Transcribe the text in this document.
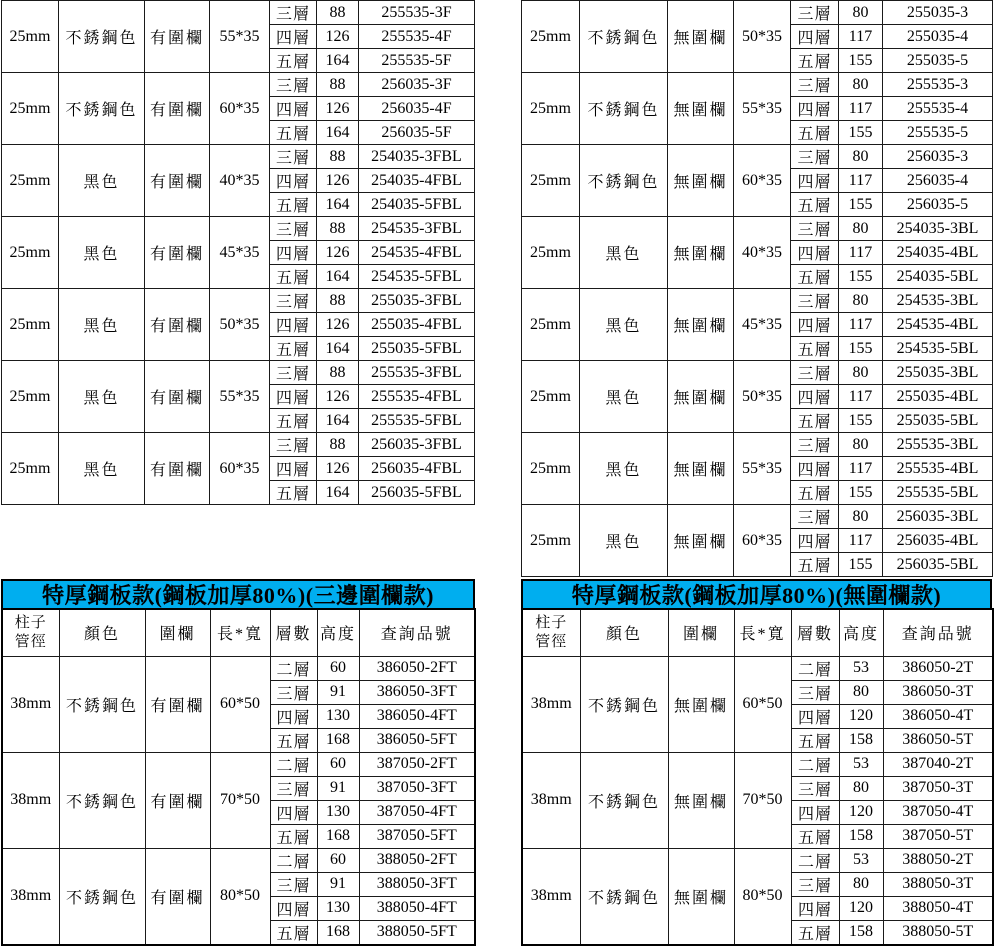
25mm	不銹鋼色	有圍欄	55*35	三層	88	255535-3F
				四層	126	255535-4F
				五層	164	255535-5F
25mm	不銹鋼色	有圍欄	60*35	三層	88	256035-3F
				四層	126	256035-4F
				五層	164	256035-5F
25mm	黑色	有圍欄	40*35	三層	88	254035-3FBL
				四層	126	254035-4FBL
				五層	164	254035-5FBL
25mm	黑色	有圍欄	45*35	三層	88	254535-3FBL
				四層	126	254535-4FBL
				五層	164	254535-5FBL
25mm	黑色	有圍欄	50*35	三層	88	255035-3FBL
				四層	126	255035-4FBL
				五層	164	255035-5FBL
25mm	黑色	有圍欄	55*35	三層	88	255535-3FBL
				四層	126	255535-4FBL
				五層	164	255535-5FBL
25mm	黑色	有圍欄	60*35	三層	88	256035-3FBL
				四層	126	256035-4FBL
				五層	164	256035-5FBL
25mm	不銹鋼色	無圍欄	50*35	三層	80	255035-3
				四層	117	255035-4
				五層	155	255035-5
25mm	不銹鋼色	無圍欄	55*35	三層	80	255535-3
				四層	117	255535-4
				五層	155	255535-5
25mm	不銹鋼色	無圍欄	60*35	三層	80	256035-3
				四層	117	256035-4
				五層	155	256035-5
25mm	黑色	無圍欄	40*35	三層	80	254035-3BL
				四層	117	254035-4BL
				五層	155	254035-5BL
25mm	黑色	無圍欄	45*35	三層	80	254535-3BL
				四層	117	254535-4BL
				五層	155	254535-5BL
25mm	黑色	無圍欄	50*35	三層	80	255035-3BL
				四層	117	255035-4BL
				五層	155	255035-5BL
25mm	黑色	無圍欄	55*35	三層	80	255535-3BL
				四層	117	255535-4BL
				五層	155	255535-5BL
25mm	黑色	無圍欄	60*35	三層	80	256035-3BL
				四層	117	256035-4BL
				五層	155	256035-5BL
特厚鋼板款(鋼板加厚80%)(三邊圍欄款)
柱子
管徑	顏色	圍欄	長*寬	層數	高度	查詢品號
38mm	不銹鋼色	有圍欄	60*50	二層	60	386050-2FT
				三層	91	386050-3FT
				四層	130	386050-4FT
				五層	168	386050-5FT
38mm	不銹鋼色	有圍欄	70*50	二層	60	387050-2FT
				三層	91	387050-3FT
				四層	130	387050-4FT
				五層	168	387050-5FT
38mm	不銹鋼色	有圍欄	80*50	二層	60	388050-2FT
				三層	91	388050-3FT
				四層	130	388050-4FT
				五層	168	388050-5FT
特厚鋼板款(鋼板加厚80%)(無圍欄款)
柱子
管徑	顏色	圍欄	長*寬	層數	高度	查詢品號
38mm	不銹鋼色	無圍欄	60*50	二層	53	386050-2T
				三層	80	386050-3T
				四層	120	386050-4T
				五層	158	386050-5T
38mm	不銹鋼色	無圍欄	70*50	二層	53	387040-2T
				三層	80	387050-3T
				四層	120	387050-4T
				五層	158	387050-5T
38mm	不銹鋼色	無圍欄	80*50	二層	53	388050-2T
				三層	80	388050-3T
				四層	120	388050-4T
				五層	158	388050-5T
